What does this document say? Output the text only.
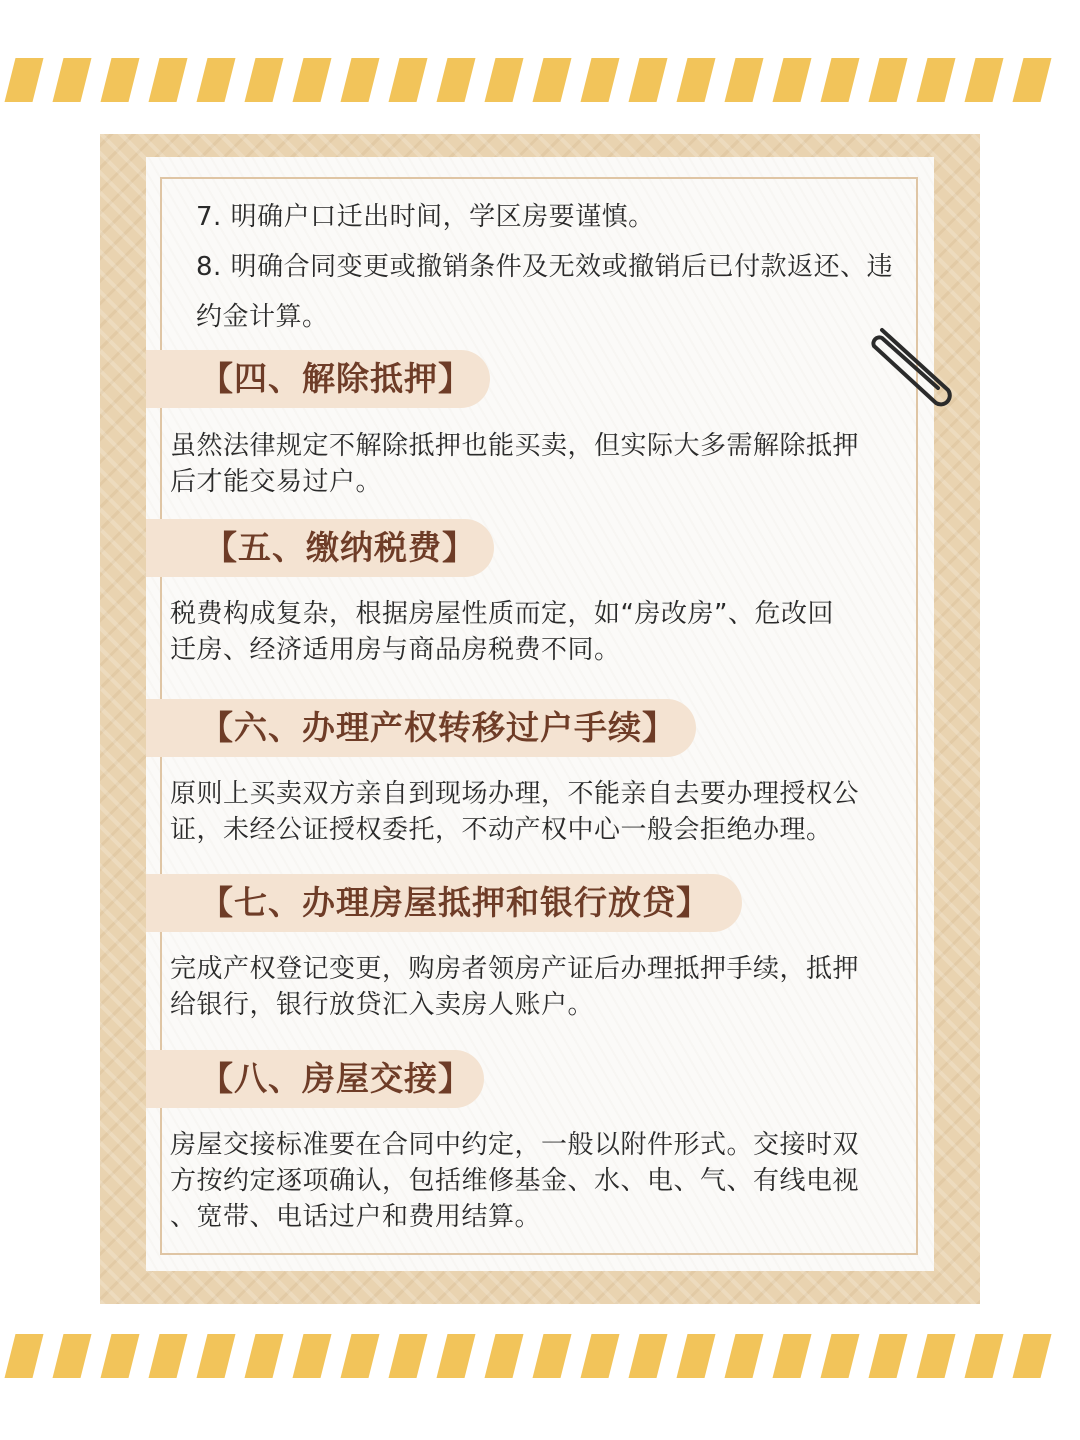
7. 明确户口迁出时间，学区房要谨慎。
8. 明确合同变更或撤销条件及无效或撤销后已付款返还、违
约金计算。
【四、解除抵押】
虽然法律规定不解除抵押也能买卖，但实际大多需解除抵押
后才能交易过户。
【五、缴纳税费】
税费构成复杂，根据房屋性质而定，如“房改房”、危改回
迁房、经济适用房与商品房税费不同。
【六、办理产权转移过户手续】
原则上买卖双方亲自到现场办理，不能亲自去要办理授权公
证，未经公证授权委托，不动产权中心一般会拒绝办理。
【七、办理房屋抵押和银行放贷】
完成产权登记变更，购房者领房产证后办理抵押手续，抵押
给银行，银行放贷汇入卖房人账户。
【八、房屋交接】
房屋交接标准要在合同中约定，一般以附件形式。交接时双
方按约定逐项确认，包括维修基金、水、电、气、有线电视
、宽带、电话过户和费用结算。
